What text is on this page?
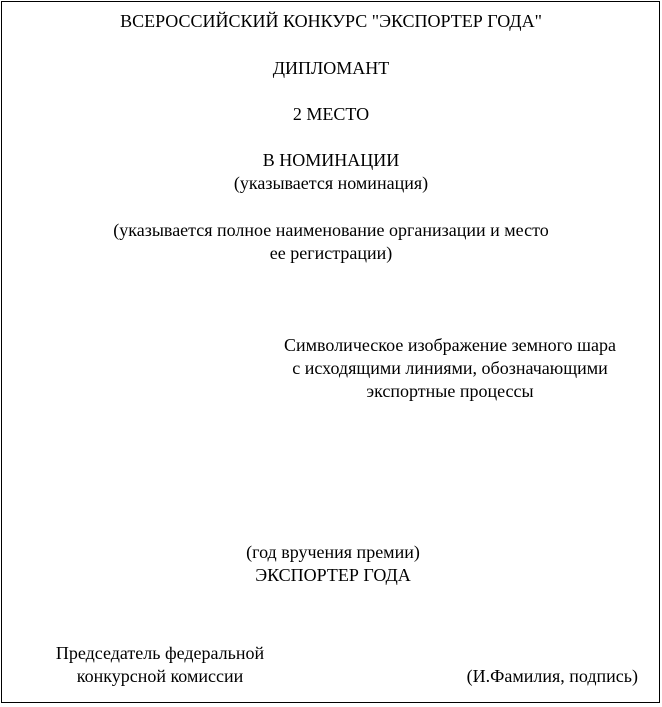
ВСЕРОССИЙСКИЙ КОНКУРС "ЭКСПОРТЕР ГОДА"
ДИПЛОМАНТ
2 МЕСТО
В НОМИНАЦИИ
(указывается номинация)
(указывается полное наименование организации и место
ее регистрации)
Символическое изображение земного шара
с исходящими линиями, обозначающими
экспортные процессы
(год вручения премии)
ЭКСПОРТЕР ГОДА
Председатель федеральной
конкурсной комиссии	(И.Фамилия, подпись)
